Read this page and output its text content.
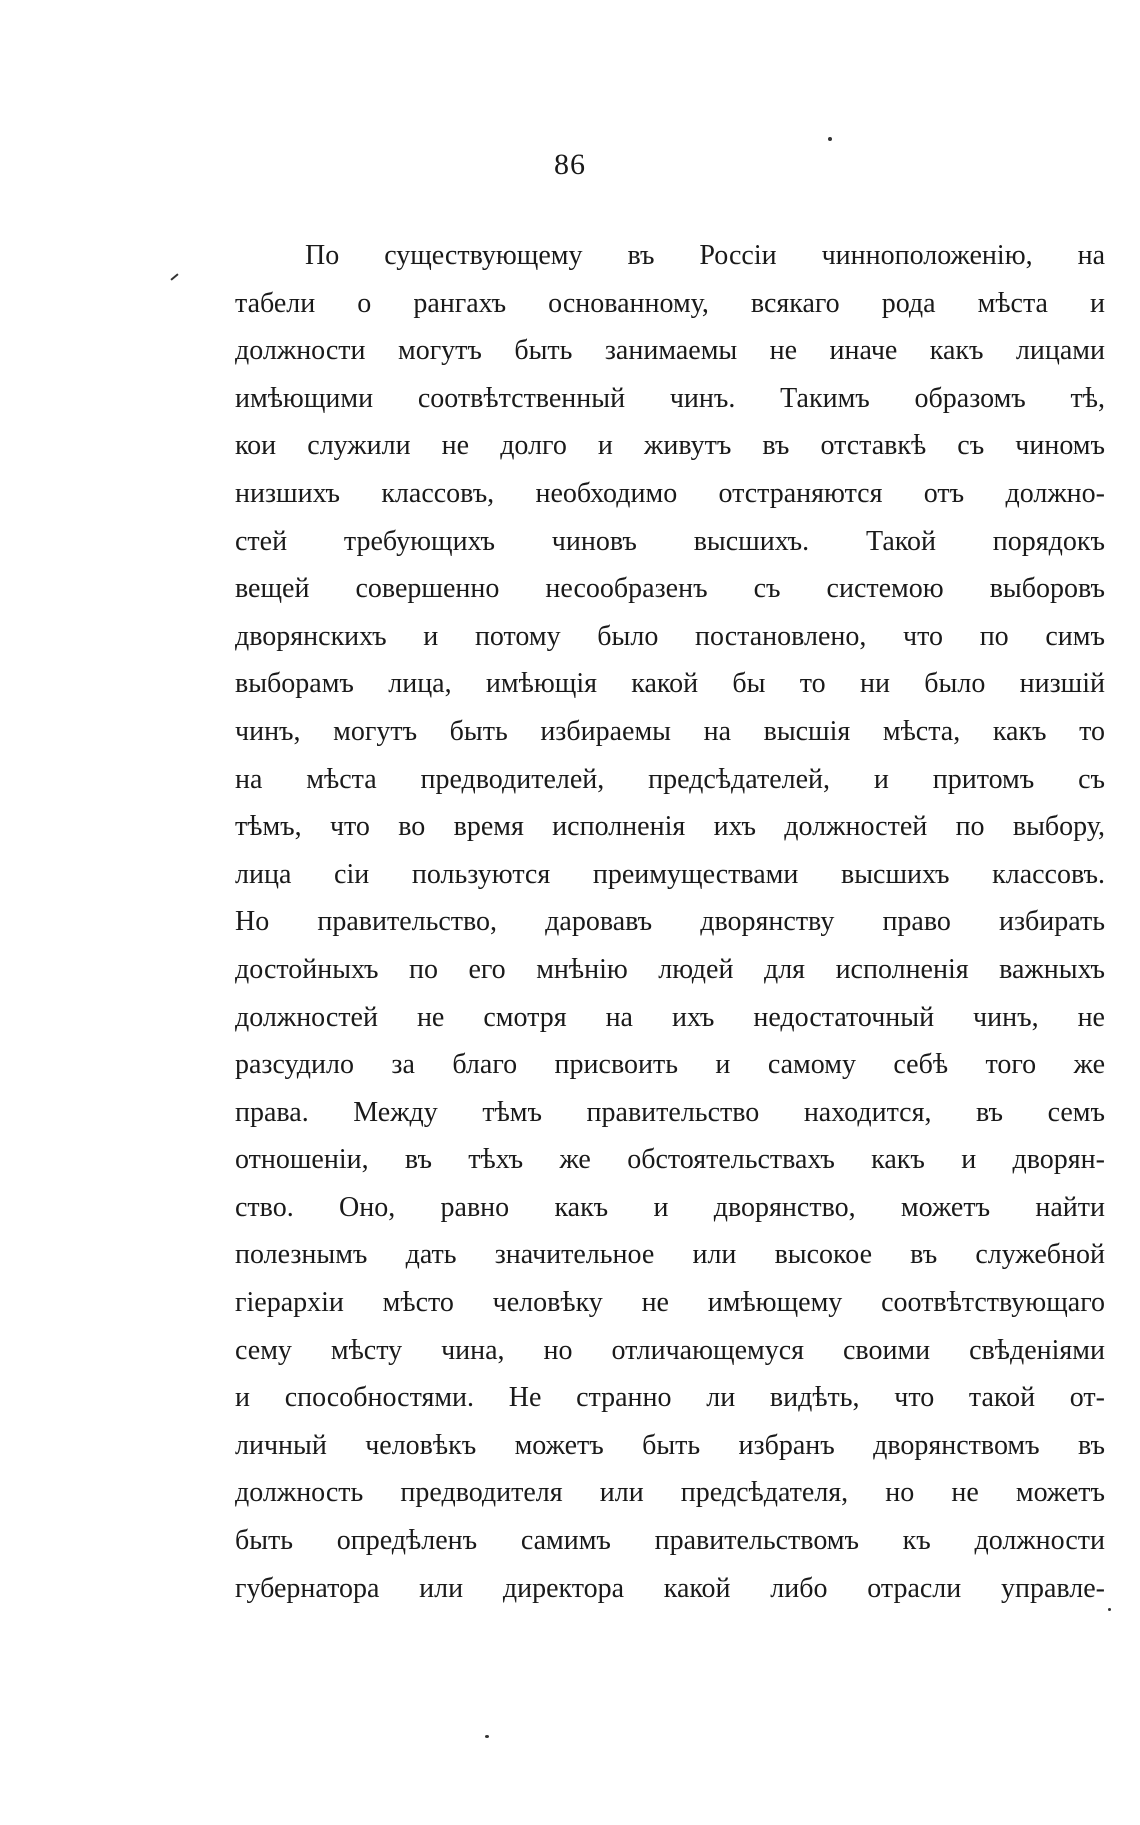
86
По существующему въ Россіи чинноположенію, на
табели о рангахъ основанному, всякаго рода мѣста и
должности могутъ быть занимаемы не иначе какъ лицами
имѣющими соотвѣтственный чинъ. Такимъ образомъ тѣ,
кои служили не долго и живутъ въ отставкѣ съ чиномъ
низшихъ классовъ, необходимо отстраняются отъ должно-
стей требующихъ чиновъ высшихъ. Такой порядокъ
вещей совершенно несообразенъ съ системою выборовъ
дворянскихъ и потому было постановлено, что по симъ
выборамъ лица, имѣющія какой бы то ни было низшій
чинъ, могутъ быть избираемы на высшія мѣста, какъ то
на мѣста предводителей, предсѣдателей, и притомъ съ
тѣмъ, что во время исполненія ихъ должностей по выбору,
лица сіи пользуются преимуществами высшихъ классовъ.
Но правительство, даровавъ дворянству право избирать
достойныхъ по его мнѣнію людей для исполненія важныхъ
должностей не смотря на ихъ недостаточный чинъ, не
разсудило за благо присвоить и самому себѣ того же
права. Между тѣмъ правительство находится, въ семъ
отношеніи, въ тѣхъ же обстоятельствахъ какъ и дворян-
ство. Оно, равно какъ и дворянство, можетъ найти
полезнымъ дать значительное или высокое въ служебной
гіерархіи мѣсто человѣку не имѣющему соотвѣтствующаго
сему мѣсту чина, но отличающемуся своими свѣденіями
и способностями. Не странно ли видѣть, что такой от-
личный человѣкъ можетъ быть избранъ дворянствомъ въ
должность предводителя или предсѣдателя, но не можетъ
быть опредѣленъ самимъ правительствомъ къ должности
губернатора или директора какой либо отрасли управле-
